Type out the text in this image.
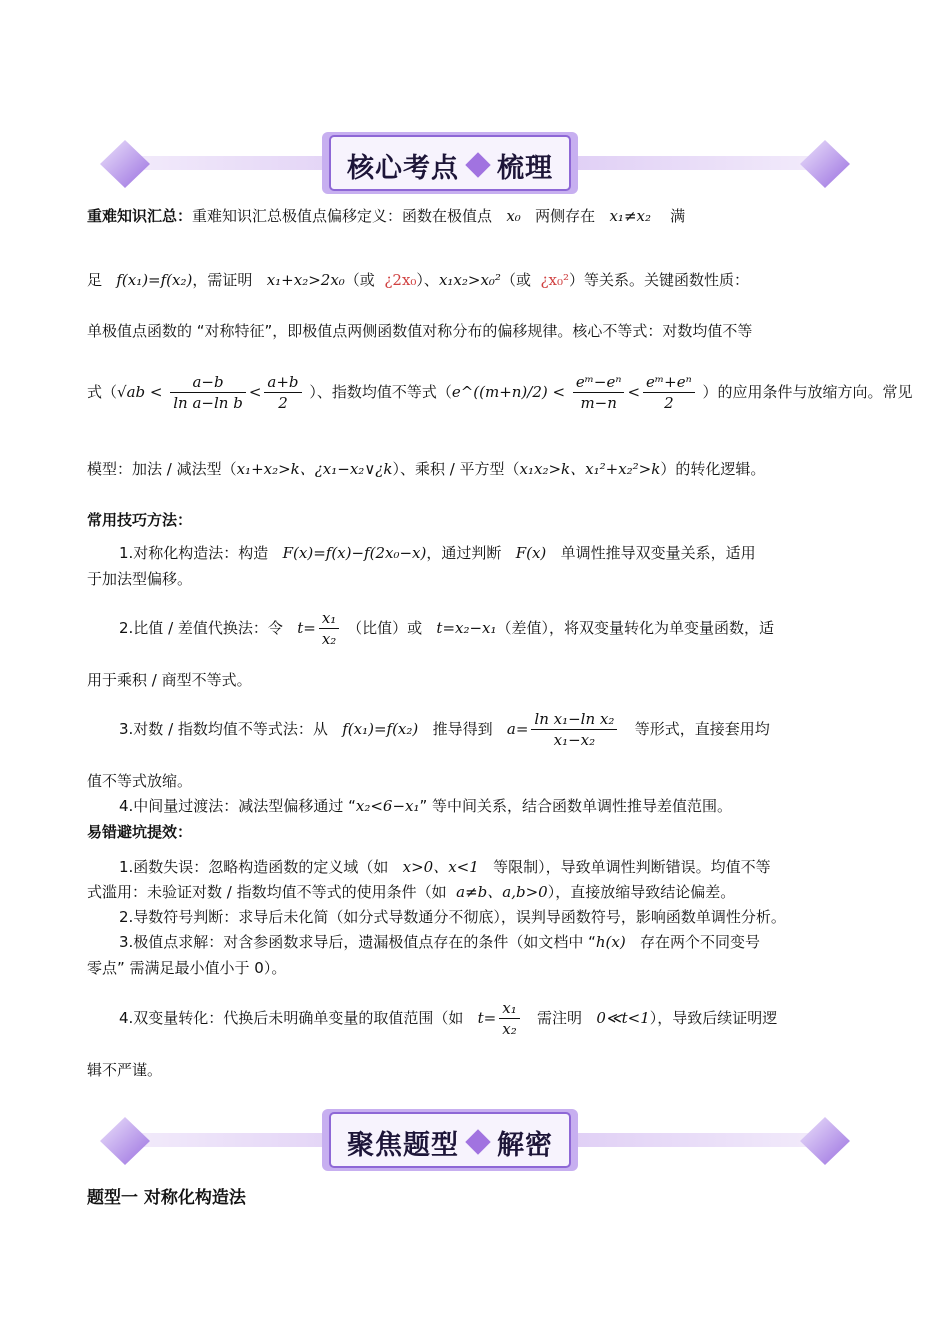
核心考点 梳理
重难知识汇总：重难知识汇总极值点偏移定义：函数在极值点 x₀ 两侧存在 x₁≠x₂ 满
足 f(x₁)=f(x₂)，需证明 x₁+x₂>2x₀（或 ¿2x₀）、x₁x₂>x₀²（或 ¿x₀²）等关系。关键函数性质：
单极值点函数的 “对称特征”，即极值点两侧函数值对称分布的偏移规律。核心不等式：对数均值不等
式（$√ab < \frac{a-b}{\text{ln a−ln b}} < \frac{a+b}{2}$ ）、指数均值不等式（e^((m+n)/2) < $\frac{\text{eᵐ−eⁿ}}{m-n} < \frac{\text{eᵐ+eⁿ}}{2}$ ）的应用条件与放缩方向。常见
模型：加法 / 减法型（x₁+x₂>k、¿x₁−x₂∨¿k）、乘积 / 平方型（x₁x₂>k、x₁²+x₂²>k）的转化逻辑。
常用技巧方法：
1.对称化构造法：构造 F(x)=f(x)−f(2x₀−x)，通过判断 F(x) 单调性推导双变量关系，适用
于加法型偏移。
2.比值 / 差值代换法：令 $t= \frac{\text{x₁}}{\text{x₂}}$ （比值）或 t=x₂−x₁（差值），将双变量转化为单变量函数，适
用于乘积 / 商型不等式。
3.对数 / 指数均值不等式法：从 f(x₁)=f(x₂) 推导得到 $a= \frac{\text{ln x₁−ln x₂}}{\text{x₁−x₂}}$ 等形式，直接套用均
值不等式放缩。
4.中间量过渡法：减法型偏移通过 “x₂<6−x₁” 等中间关系，结合函数单调性推导差值范围。
易错避坑提效：
1.函数失误：忽略构造函数的定义域（如 x>0、x<1 等限制），导致单调性判断错误。均值不等
式滥用：未验证对数 / 指数均值不等式的使用条件（如 a≠b、a,b>0），直接放缩导致结论偏差。
2.导数符号判断：求导后未化简（如分式导数通分不彻底），误判导函数符号，影响函数单调性分析。
3.极值点求解：对含参函数求导后，遗漏极值点存在的条件（如文档中 “h(x) 存在两个不同变号
零点” 需满足最小值小于 0）。
4.双变量转化：代换后未明确单变量的取值范围（如 $t= \frac{\text{x₁}}{\text{x₂}}$ 需注明 0≪t<1），导致后续证明逻
辑不严谨。
聚焦题型 解密
题型一 对称化构造法
